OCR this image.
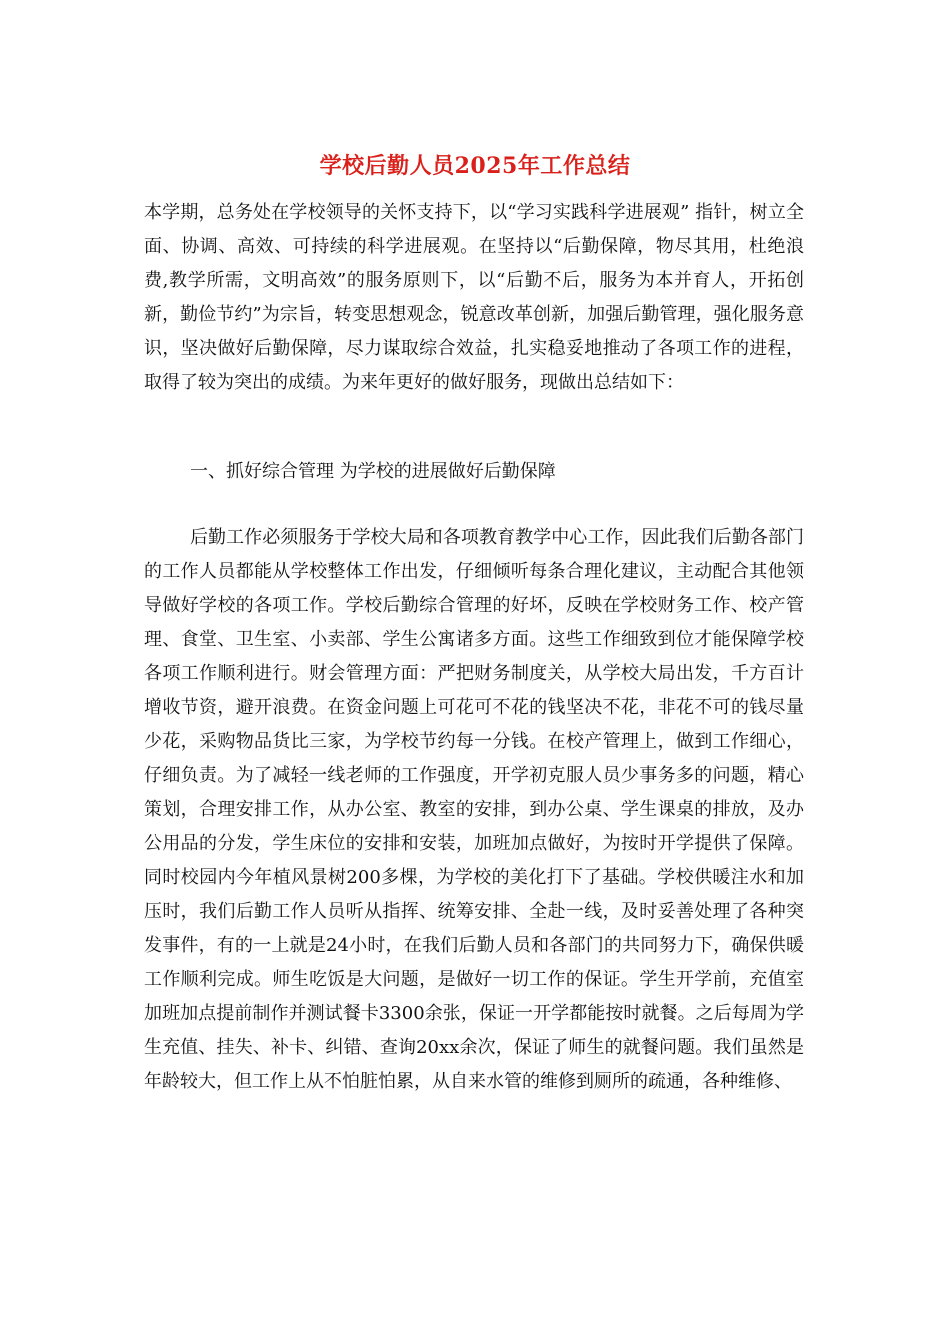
学校后勤人员2025年工作总结

本学期，总务处在学校领导的关怀支持下，以“学习实践科学进展观” 指针，树立全面、协调、高效、可持续的科学进展观。在坚持以“后勤保障，物尽其用，杜绝浪费,教学所需，文明高效”的服务原则下，以“后勤不后，服务为本并育人，开拓创新，勤俭节约”为宗旨，转变思想观念，锐意改革创新，加强后勤管理，强化服务意识，坚决做好后勤保障，尽力谋取综合效益，扎实稳妥地推动了各项工作的进程，取得了较为突出的成绩。为来年更好的做好服务，现做出总结如下：

一、抓好综合管理 为学校的进展做好后勤保障

后勤工作必须服务于学校大局和各项教育教学中心工作，因此我们后勤各部门的工作人员都能从学校整体工作出发，仔细倾听每条合理化建议，主动配合其他领导做好学校的各项工作。学校后勤综合管理的好坏，反映在学校财务工作、校产管理、食堂、卫生室、小卖部、学生公寓诸多方面。这些工作细致到位才能保障学校各项工作顺利进行。财会管理方面：严把财务制度关，从学校大局出发，千方百计增收节资，避开浪费。在资金问题上可花可不花的钱坚决不花，非花不可的钱尽量少花，采购物品货比三家，为学校节约每一分钱。在校产管理上，做到工作细心，仔细负责。为了减轻一线老师的工作强度，开学初克服人员少事务多的问题，精心策划，合理安排工作，从办公室、教室的安排，到办公桌、学生课桌的排放，及办公用品的分发，学生床位的安排和安装，加班加点做好，为按时开学提供了保障。同时校园内今年植风景树200多棵，为学校的美化打下了基础。学校供暖注水和加压时，我们后勤工作人员听从指挥、统筹安排、全赴一线，及时妥善处理了各种突发事件，有的一上就是24小时，在我们后勤人员和各部门的共同努力下，确保供暖工作顺利完成。师生吃饭是大问题，是做好一切工作的保证。学生开学前，充值室加班加点提前制作并测试餐卡3300余张，保证一开学都能按时就餐。之后每周为学生充值、挂失、补卡、纠错、查询20xx余次，保证了师生的就餐问题。我们虽然是年龄较大，但工作上从不怕脏怕累，从自来水管的维修到厕所的疏通，各种维修、
